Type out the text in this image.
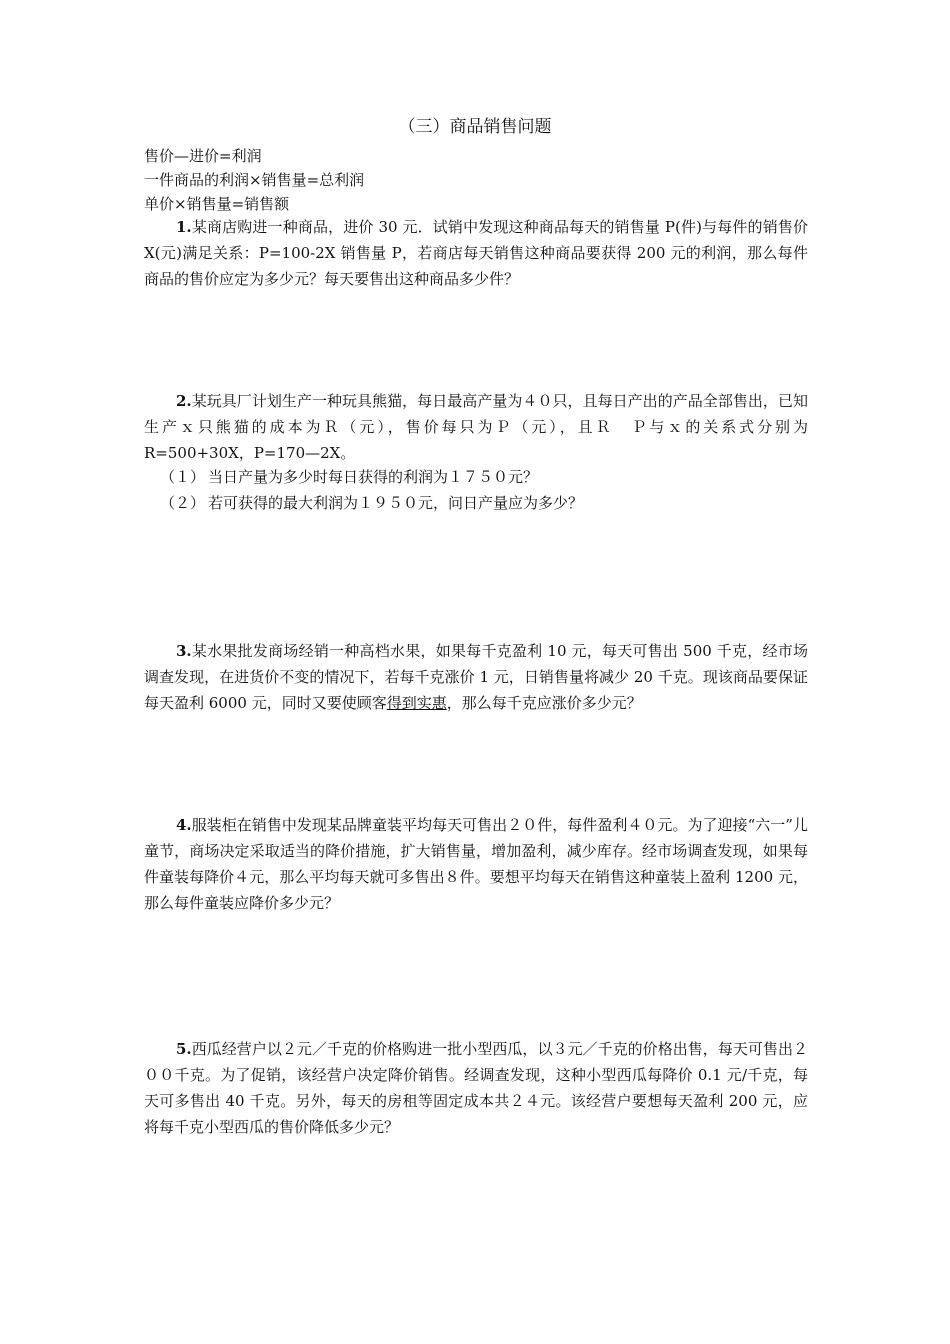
（三）商品销售问题
售价—进价=利润
一件商品的利润×销售量=总利润
单价×销售量=销售额

1.某商店购进一种商品，进价 30 元．试销中发现这种商品每天的销售量 P(件)与每件的销售价 X(元)满足关系：P=100-2X 销售量 P，若商店每天销售这种商品要获得 200 元的利润，那么每件商品的售价应定为多少元？每天要售出这种商品多少件？

2.某玩具厂计划生产一种玩具熊猫，每日最高产量为４０只，且每日产出的产品全部售出，已知生产ｘ只熊猫的成本为Ｒ（元），售价每只为Ｐ（元），且Ｒ　Ｐ与ｘ的关系式分别为 R=500+30X，P=170—2X。

（１） 当日产量为多少时每日获得的利润为１７５０元？
（２） 若可获得的最大利润为１９５０元，问日产量应为多少？

3.某水果批发商场经销一种高档水果，如果每千克盈利 10 元，每天可售出 500 千克，经市场调查发现，在进货价不变的情况下，若每千克涨价 1 元，日销售量将减少 20 千克。现该商品要保证每天盈利 6000 元，同时又要使顾客得到实惠，那么每千克应涨价多少元？

4.服装柜在销售中发现某品牌童装平均每天可售出２０件，每件盈利４０元。为了迎接“六一”儿童节，商场决定采取适当的降价措施，扩大销售量，增加盈利，减少库存。经市场调查发现，如果每件童装每降价４元，那么平均每天就可多售出８件。要想平均每天在销售这种童装上盈利 1200 元，那么每件童装应降价多少元？

5.西瓜经营户以２元／千克的价格购进一批小型西瓜，以３元／千克的价格出售，每天可售出２００千克。为了促销，该经营户决定降价销售。经调查发现，这种小型西瓜每降价 0.1 元/千克，每天可多售出 40 千克。另外，每天的房租等固定成本共２４元。该经营户要想每天盈利 200 元，应将每千克小型西瓜的售价降低多少元？
